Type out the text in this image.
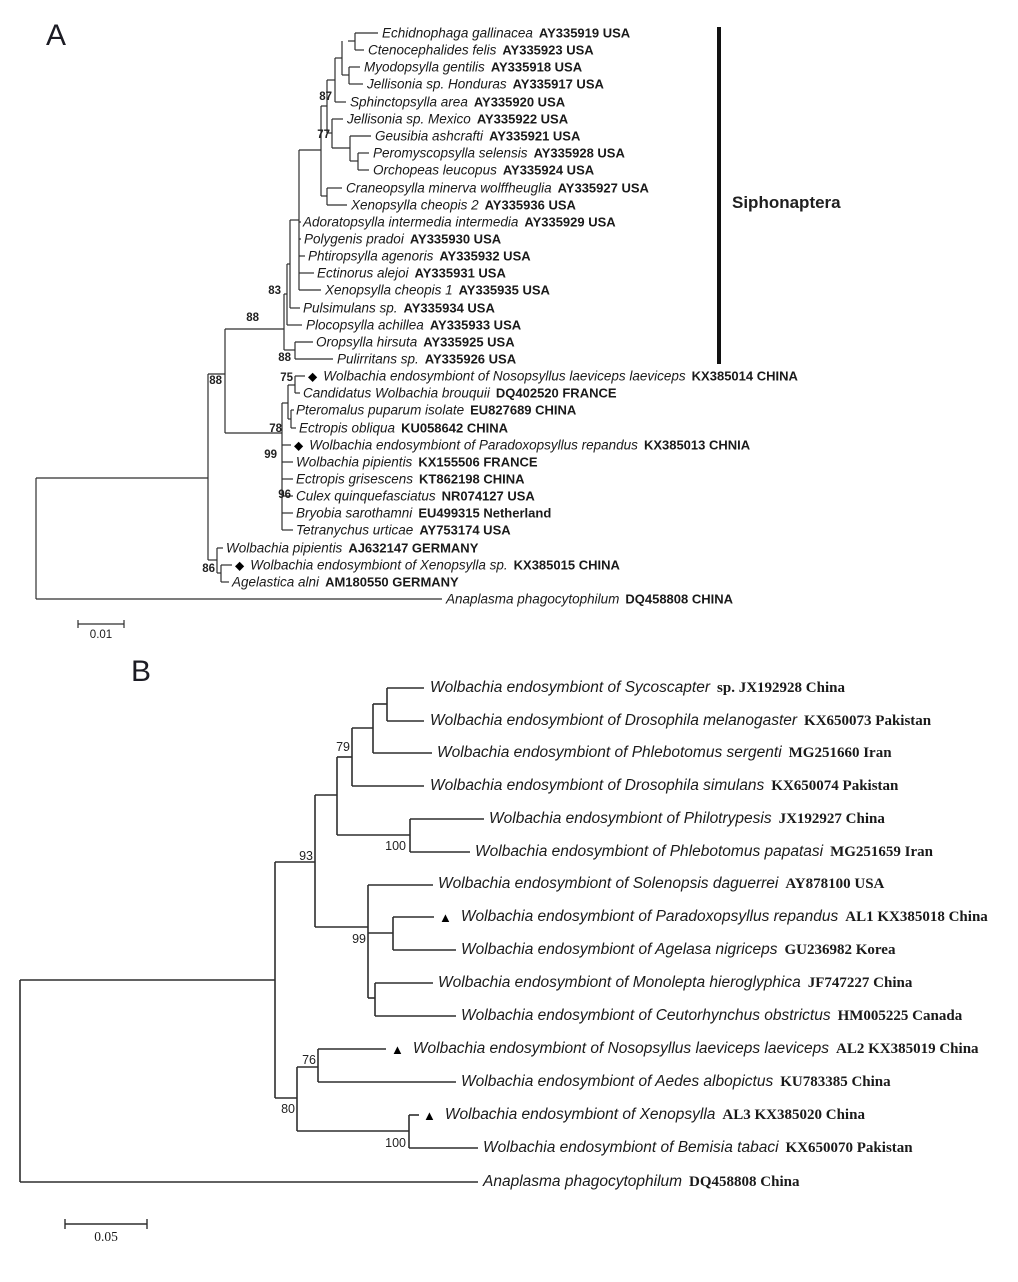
A
B
Siphonaptera
Echidnophaga gallinacea AY335919 USA
Ctenocephalides felis AY335923 USA
Myodopsylla gentilis AY335918 USA
Jellisonia sp. Honduras AY335917 USA
Sphinctopsylla area AY335920 USA
Jellisonia sp. Mexico AY335922 USA
Geusibia ashcrafti AY335921 USA
Peromyscopsylla selensis AY335928 USA
Orchopeas leucopus AY335924 USA
Craneopsylla minerva wolffheuglia AY335927 USA
Xenopsylla cheopis 2 AY335936 USA
Adoratopsylla intermedia intermedia AY335929 USA
Polygenis pradoi AY335930 USA
Phtiropsylla agenoris AY335932 USA
Ectinorus alejoi AY335931 USA
Xenopsylla cheopis 1 AY335935 USA
Pulsimulans sp. AY335934 USA
Plocopsylla achillea AY335933 USA
Oropsylla hirsuta AY335925 USA
Pulirritans sp. AY335926 USA
◆ Wolbachia endosymbiont of Nosopsyllus laeviceps laeviceps KX385014 CHINA
Candidatus Wolbachia brouquii DQ402520 FRANCE
Pteromalus puparum isolate EU827689 CHINA
Ectropis obliqua KU058642 CHINA
◆ Wolbachia endosymbiont of Paradoxopsyllus repandus KX385013 CHNIA
Wolbachia pipientis KX155506 FRANCE
Ectropis grisescens KT862198 CHINA
Culex quinquefasciatus NR074127 USA
Bryobia sarothamni EU499315 Netherland
Tetranychus urticae AY753174 USA
Wolbachia pipientis AJ632147 GERMANY
◆ Wolbachia endosymbiont of Xenopsylla sp. KX385015 CHINA
Agelastica alni AM180550 GERMANY
Anaplasma phagocytophilum DQ458808 CHINA
Wolbachia endosymbiont of Sycoscapter sp. JX192928 China
Wolbachia endosymbiont of Drosophila melanogaster KX650073 Pakistan
Wolbachia endosymbiont of Phlebotomus sergenti MG251660 Iran
Wolbachia endosymbiont of Drosophila simulans KX650074 Pakistan
Wolbachia endosymbiont of Philotrypesis JX192927 China
Wolbachia endosymbiont of Phlebotomus papatasi MG251659 Iran
Wolbachia endosymbiont of Solenopsis daguerrei AY878100 USA
▲ Wolbachia endosymbiont of Paradoxopsyllus repandus AL1 KX385018 China
Wolbachia endosymbiont of Agelasa nigriceps GU236982 Korea
Wolbachia endosymbiont of Monolepta hieroglyphica JF747227 China
Wolbachia endosymbiont of Ceutorhynchus obstrictus HM005225 Canada
▲ Wolbachia endosymbiont of Nosopsyllus laeviceps laeviceps AL2 KX385019 China
Wolbachia endosymbiont of Aedes albopictus KU783385 China
▲ Wolbachia endosymbiont of Xenopsylla AL3 KX385020 China
Wolbachia endosymbiont of Bemisia tabaci KX650070 Pakistan
Anaplasma phagocytophilum DQ458808 China
87
77
83
88
88
88	75
78
99
96
86
79
93
100
99
76
80
100
0.01
0.05
